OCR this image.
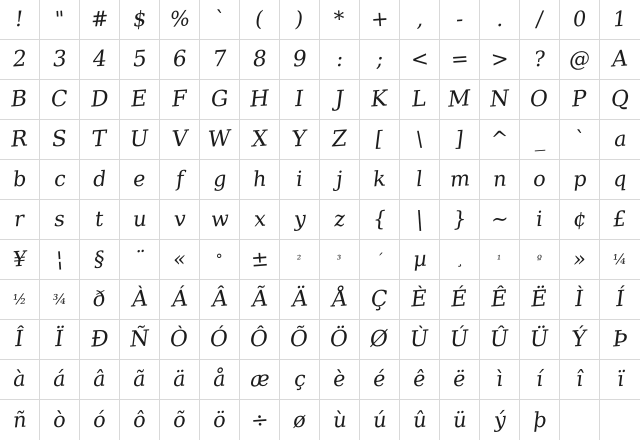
! " # $ % ` ( ) * + , - . / 0 1
2 3 4 5 6 7 8 9 : ; < = > ? @ A
B C D E F G H I J K L M N O P Q
R S T U V W X Y Z [ \ ] ^ _ ` a
b c d e f g h i j k l m n o p q
r s t u v w x y z { | } ~ i ¢ £
¥ ¦ § ¨ « ° ±	²	³ ´ µ ¸	¹	º » ¼
½ ¾ ð À Á Â Ã Ä Å Ç È É Ê Ë Ì Í
Î Ï Ð Ñ Ò Ó Ô Õ Ö Ø Ù Ú Û Ü Ý Þ
à á â ã ä å æ ç è é ê ë ì í î ï
ñ ò ó ô õ ö ÷ ø ù ú û ü ý þ
